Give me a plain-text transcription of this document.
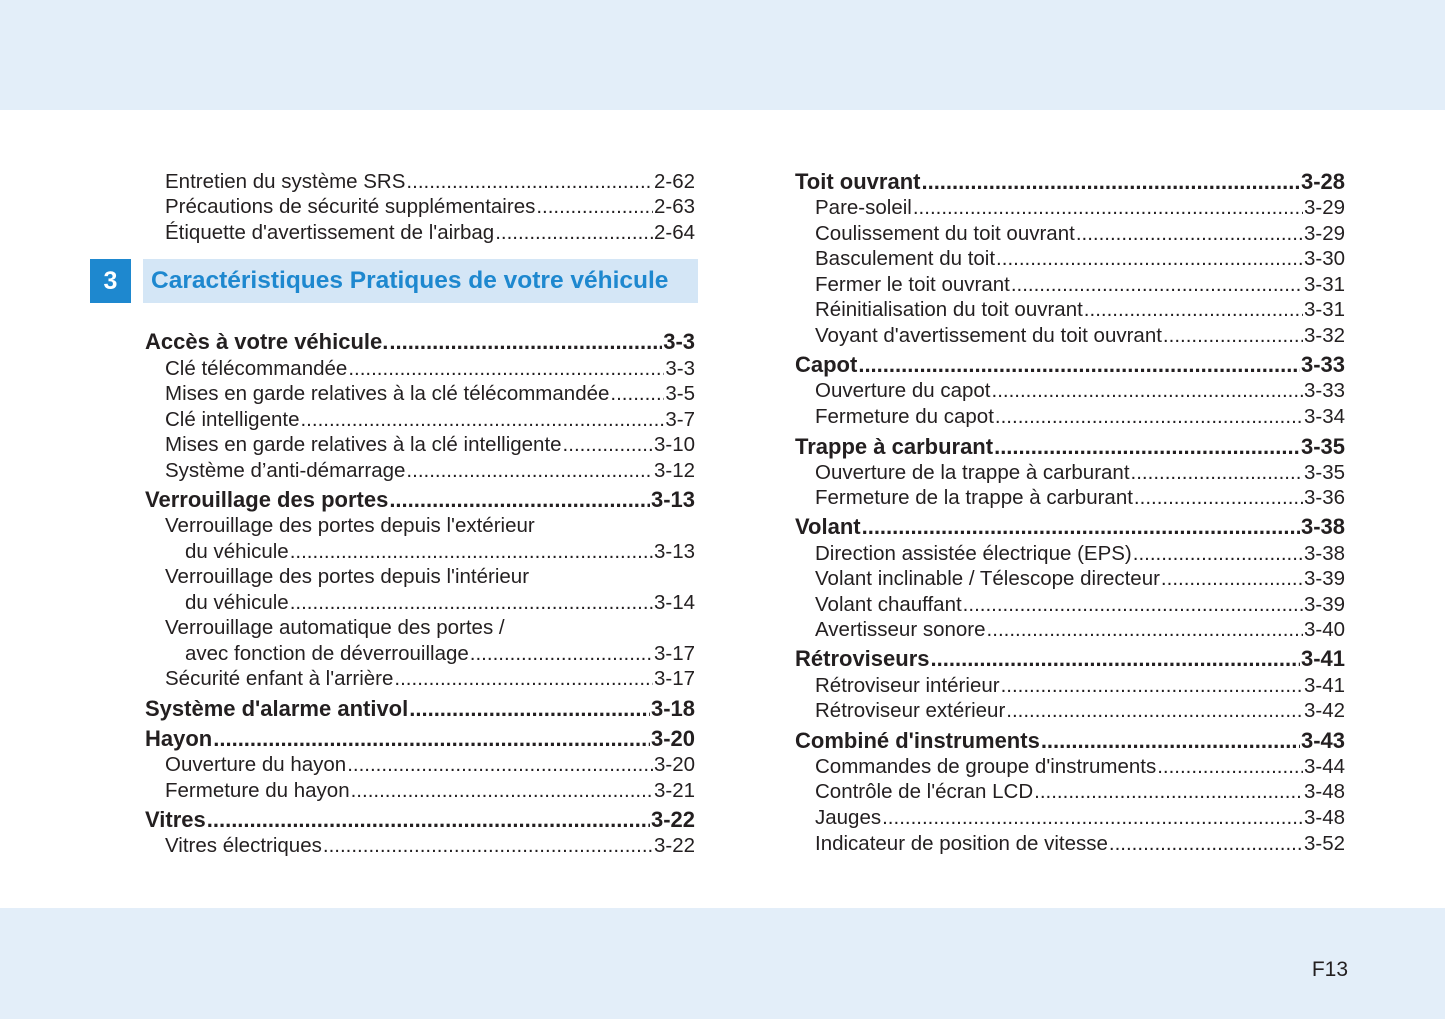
Entretien du système SRS .....	2-62
Précautions de sécurité supplémentaires .....	2-63
Étiquette d'avertissement de l'airbag .....	2-64
Accès à votre véhicule. .....	3-3
Clé télécommandée .....	3-3
Mises en garde relatives à la clé télécommandée .....	3-5
Clé intelligente .....	3-7
Mises en garde relatives à la clé intelligente .....	3-10
Système d’anti-démarrage .....	3-12
Verrouillage des portes .....	3-13
Verrouillage des portes depuis l'extérieur
du véhicule .....	3-13
Verrouillage des portes depuis l'intérieur
du véhicule .....	3-14
Verrouillage automatique des portes /
avec fonction de déverrouillage .....	3-17
Sécurité enfant à l'arrière .....	3-17
Système d'alarme antivol .....	3-18
Hayon .....	3-20
Ouverture du hayon .....	3-20
Fermeture du hayon .....	3-21
Vitres .....	3-22
Vitres électriques .....	3-22
3	Caractéristiques Pratiques de votre véhicule
Toit ouvrant .....	3-28
Pare-soleil .....	3-29
Coulissement du toit ouvrant .....	3-29
Basculement du toit .....	3-30
Fermer le toit ouvrant .....	3-31
Réinitialisation du toit ouvrant .....	3-31
Voyant d'avertissement du toit ouvrant .....	3-32
Capot .....	3-33
Ouverture du capot .....	3-33
Fermeture du capot .....	3-34
Trappe à carburant .....	3-35
Ouverture de la trappe à carburant .....	3-35
Fermeture de la trappe à carburant .....	3-36
Volant .....	3-38
Direction assistée électrique (EPS) .....	3-38
Volant inclinable / Télescope directeur .....	3-39
Volant chauffant .....	3-39
Avertisseur sonore .....	3-40
Rétroviseurs .....	3-41
Rétroviseur intérieur .....	3-41
Rétroviseur extérieur .....	3-42
Combiné d'instruments .....	3-43
Commandes de groupe d'instruments .....	3-44
Contrôle de l'écran LCD .....	3-48
Jauges .....	3-48
Indicateur de position de vitesse .....	3-52
F13
